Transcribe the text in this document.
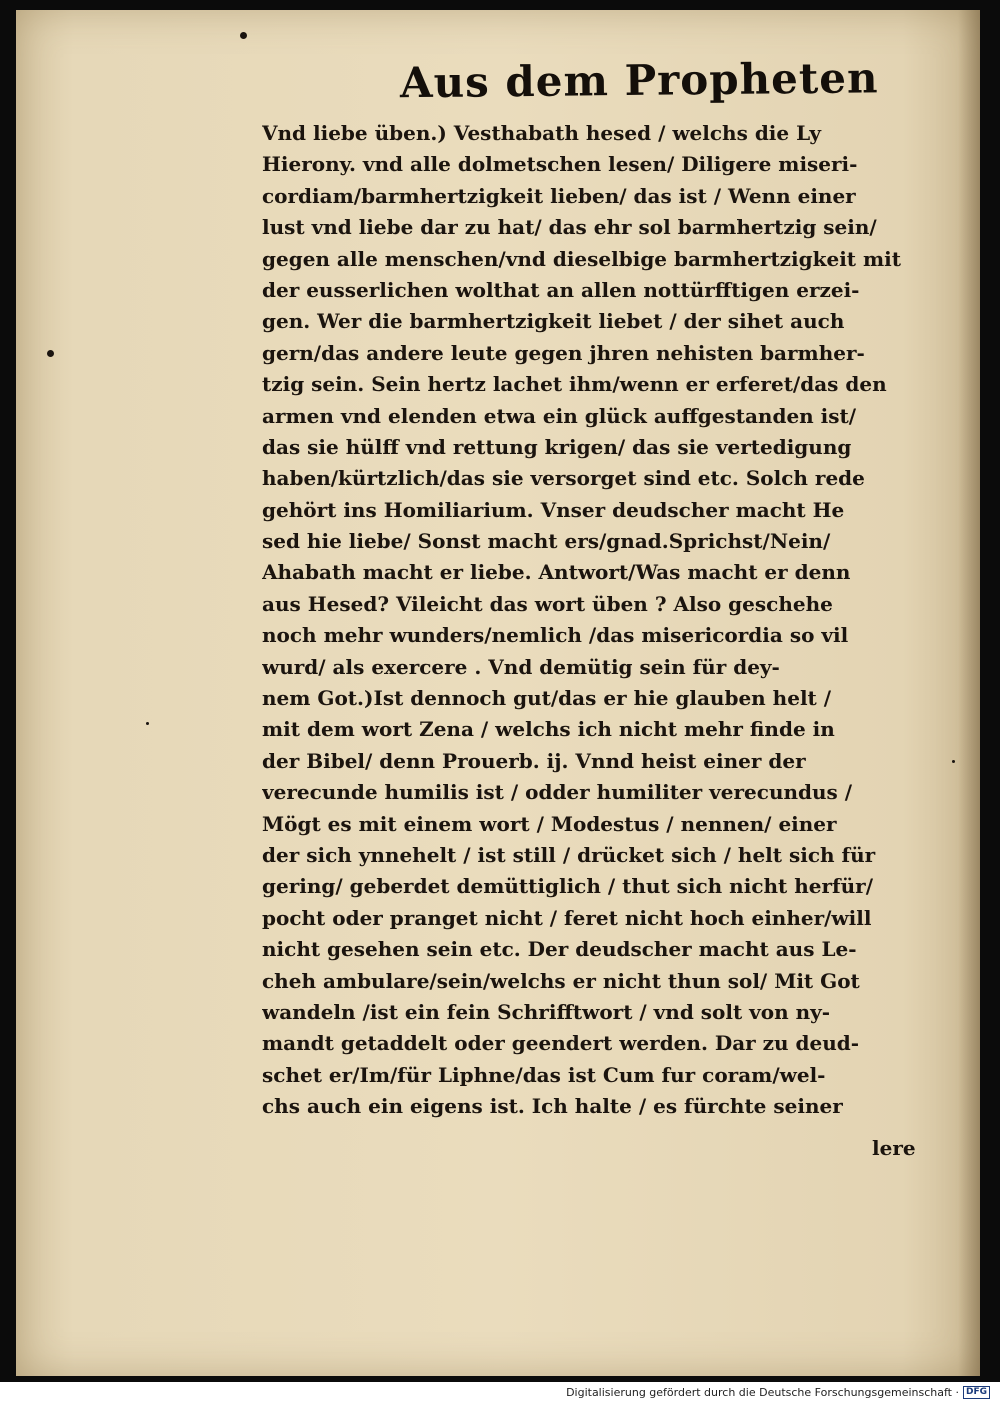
Aus dem Propheten
Vnd liebe üben.) Vesthabath hesed / welchs die Ly
Hierony. vnd alle dolmetschen lesen/ Diligere miseri-
cordiam/barmhertzigkeit lieben/ das ist / Wenn einer
lust vnd liebe dar zu hat/ das ehr sol barmhertzig sein/
gegen alle menschen/vnd dieselbige barmhertzigkeit mit
der eusserlichen wolthat an allen nottürfftigen erzei-
gen. Wer die barmhertzigkeit liebet / der sihet auch
gern/das andere leute gegen jhren nehisten barmher-
tzig sein. Sein hertz lachet ihm/wenn er erferet/das den
armen vnd elenden etwa ein glück auffgestanden ist/
das sie hülff vnd rettung krigen/ das sie vertedigung
haben/kürtzlich/das sie versorget sind etc. Solch rede
gehört ins Homiliarium. Vnser deudscher macht He
sed hie liebe/ Sonst macht ers/gnad.Sprichst/Nein/
Ahabath macht er liebe. Antwort/Was macht er denn
aus Hesed? Vileicht das wort üben ? Also geschehe
noch mehr wunders/nemlich /das misericordia so vil
wurd/ als exercere . Vnd demütig sein für dey-
nem Got.)Ist dennoch gut/das er hie glauben helt /
mit dem wort Zena / welchs ich nicht mehr finde in
der Bibel/ denn Prouerb. ij. Vnnd heist einer der
verecunde humilis ist / odder humiliter verecundus /
Mögt es mit einem wort / Modestus / nennen/ einer
der sich ynnehelt / ist still / drücket sich / helt sich für
gering/ geberdet demüttiglich / thut sich nicht herfür/
pocht oder pranget nicht / feret nicht hoch einher/will
nicht gesehen sein etc. Der deudscher macht aus Le-
cheh ambulare/sein/welchs er nicht thun sol/ Mit Got
wandeln /ist ein fein Schrifftwort / vnd solt von ny-
mandt getaddelt oder geendert werden. Dar zu deud-
schet er/Im/für Liphne/das ist Cum fur coram/wel-
chs auch ein eigens ist. Ich halte / es fürchte seiner
lere
Digitalisierung gefördert durch die Deutsche Forschungsgemeinschaft · DFG
